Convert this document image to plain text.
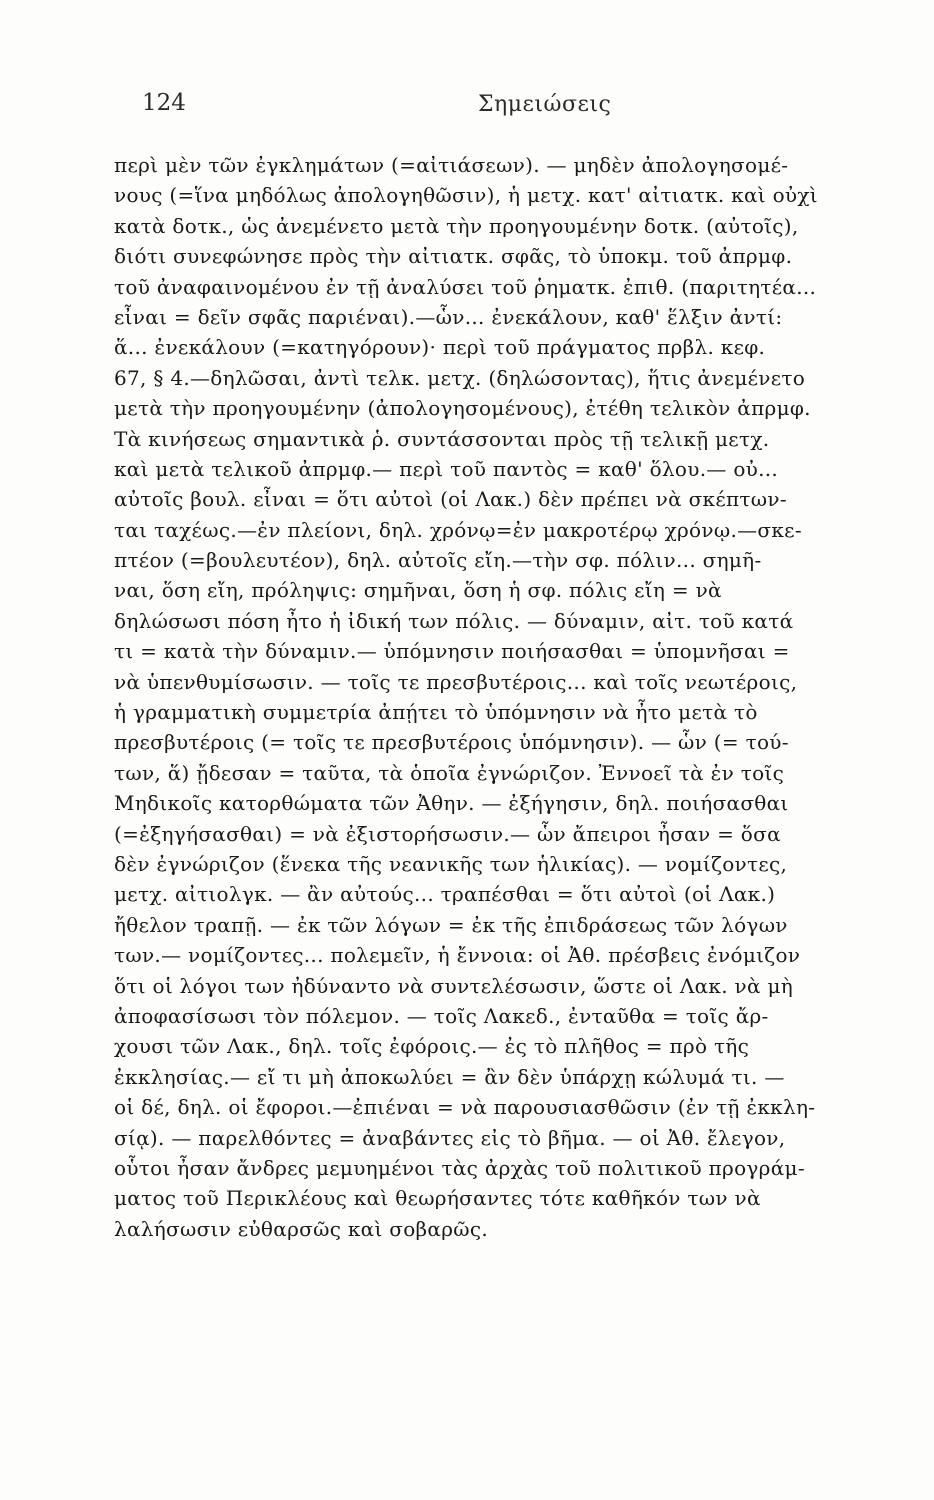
124	Σημειώσεις
περὶ μὲν τῶν ἐγκλημάτων (=αἰτιάσεων). — μηδὲν ἀπολογησομέ-
νους (=ἵνα μηδόλως ἀπολογηθῶσιν), ἡ μετχ. κατ' αἰτιατκ. καὶ οὐχὶ
κατὰ δοτκ., ὡς ἀνεμένετο μετὰ τὴν προηγουμένην δοτκ. (αὐτοῖς),
διότι συνεφώνησε πρὸς τὴν αἰτιατκ. σφᾶς, τὸ ὑποκμ. τοῦ ἀπρμφ.
τοῦ ἀναφαινομένου ἐν τῇ ἀναλύσει τοῦ ῥηματκ. ἐπιθ. (παριτητέα...
εἶναι = δεῖν σφᾶς παριέναι).—ὧν... ἐνεκάλουν, καθ' ἕλξιν ἀντί:
ἅ... ἐνεκάλουν (=κατηγόρουν)· περὶ τοῦ πράγματος πρβλ. κεφ.
67, § 4.—δηλῶσαι, ἀντὶ τελκ. μετχ. (δηλώσοντας), ἥτις ἀνεμένετο
μετὰ τὴν προηγουμένην (ἀπολογησομένους), ἐτέθη τελικὸν ἀπρμφ.
Τὰ κινήσεως σημαντικὰ ῥ. συντάσσονται πρὸς τῇ τελικῇ μετχ.
καὶ μετὰ τελικοῦ ἀπρμφ.— περὶ τοῦ παντὸς = καθ' ὅλου.— οὐ...
αὐτοῖς βουλ. εἶναι = ὅτι αὐτοὶ (οἱ Λακ.) δὲν πρέπει νὰ σκέπτων-
ται ταχέως.—ἐν πλείονι, δηλ. χρόνῳ=ἐν μακροτέρῳ χρόνῳ.—σκε-
πτέον (=βουλευτέον), δηλ. αὐτοῖς εἴη.—τὴν σφ. πόλιν... σημῆ-
ναι, ὅση εἴη, πρόληψις: σημῆναι, ὅση ἡ σφ. πόλις εἴη = νὰ
δηλώσωσι πόση ἦτο ἡ ἰδική των πόλις. — δύναμιν, αἰτ. τοῦ κατά
τι = κατὰ τὴν δύναμιν.— ὑπόμνησιν ποιήσασθαι = ὑπομνῆσαι =
νὰ ὑπενθυμίσωσιν. — τοῖς τε πρεσβυτέροις... καὶ τοῖς νεωτέροις,
ἡ γραμματικὴ συμμετρία ἀπῄτει τὸ ὑπόμνησιν νὰ ἦτο μετὰ τὸ
πρεσβυτέροις (= τοῖς τε πρεσβυτέροις ὑπόμνησιν). — ὧν (= τού-
των, ἅ) ᾔδεσαν = ταῦτα, τὰ ὁποῖα ἐγνώριζον. Ἐννοεῖ τὰ ἐν τοῖς
Μηδικοῖς κατορθώματα τῶν Ἀθην. — ἐξήγησιν, δηλ. ποιήσασθαι
(=ἐξηγήσασθαι) = νὰ ἐξιστορήσωσιν.— ὧν ἄπειροι ἦσαν = ὅσα
δὲν ἐγνώριζον (ἕνεκα τῆς νεανικῆς των ἡλικίας). — νομίζοντες,
μετχ. αἰτιολγκ. — ἂν αὐτούς... τραπέσθαι = ὅτι αὐτοὶ (οἱ Λακ.)
ἤθελον τραπῇ. — ἐκ τῶν λόγων = ἐκ τῆς ἐπιδράσεως τῶν λόγων
των.— νομίζοντες... πολεμεῖν, ἡ ἔννοια: οἱ Ἀθ. πρέσβεις ἐνόμιζον
ὅτι οἱ λόγοι των ἠδύναντο νὰ συντελέσωσιν, ὥστε οἱ Λακ. νὰ μὴ
ἀποφασίσωσι τὸν πόλεμον. — τοῖς Λακεδ., ἐνταῦθα = τοῖς ἄρ-
χουσι τῶν Λακ., δηλ. τοῖς ἐφόροις.— ἐς τὸ πλῆθος = πρὸ τῆς
ἐκκλησίας.— εἴ τι μὴ ἀποκωλύει = ἂν δὲν ὑπάρχῃ κώλυμά τι. —
οἱ δέ, δηλ. οἱ ἔφοροι.—ἐπιέναι = νὰ παρουσιασθῶσιν (ἐν τῇ ἐκκλη-
σίᾳ). — παρελθόντες = ἀναβάντες εἰς τὸ βῆμα. — οἱ Ἀθ. ἔλεγον,
οὗτοι ἦσαν ἄνδρες μεμυημένοι τὰς ἀρχὰς τοῦ πολιτικοῦ προγράμ-
ματος τοῦ Περικλέους καὶ θεωρήσαντες τότε καθῆκόν των νὰ
λαλήσωσιν εὐθαρσῶς καὶ σοβαρῶς.
